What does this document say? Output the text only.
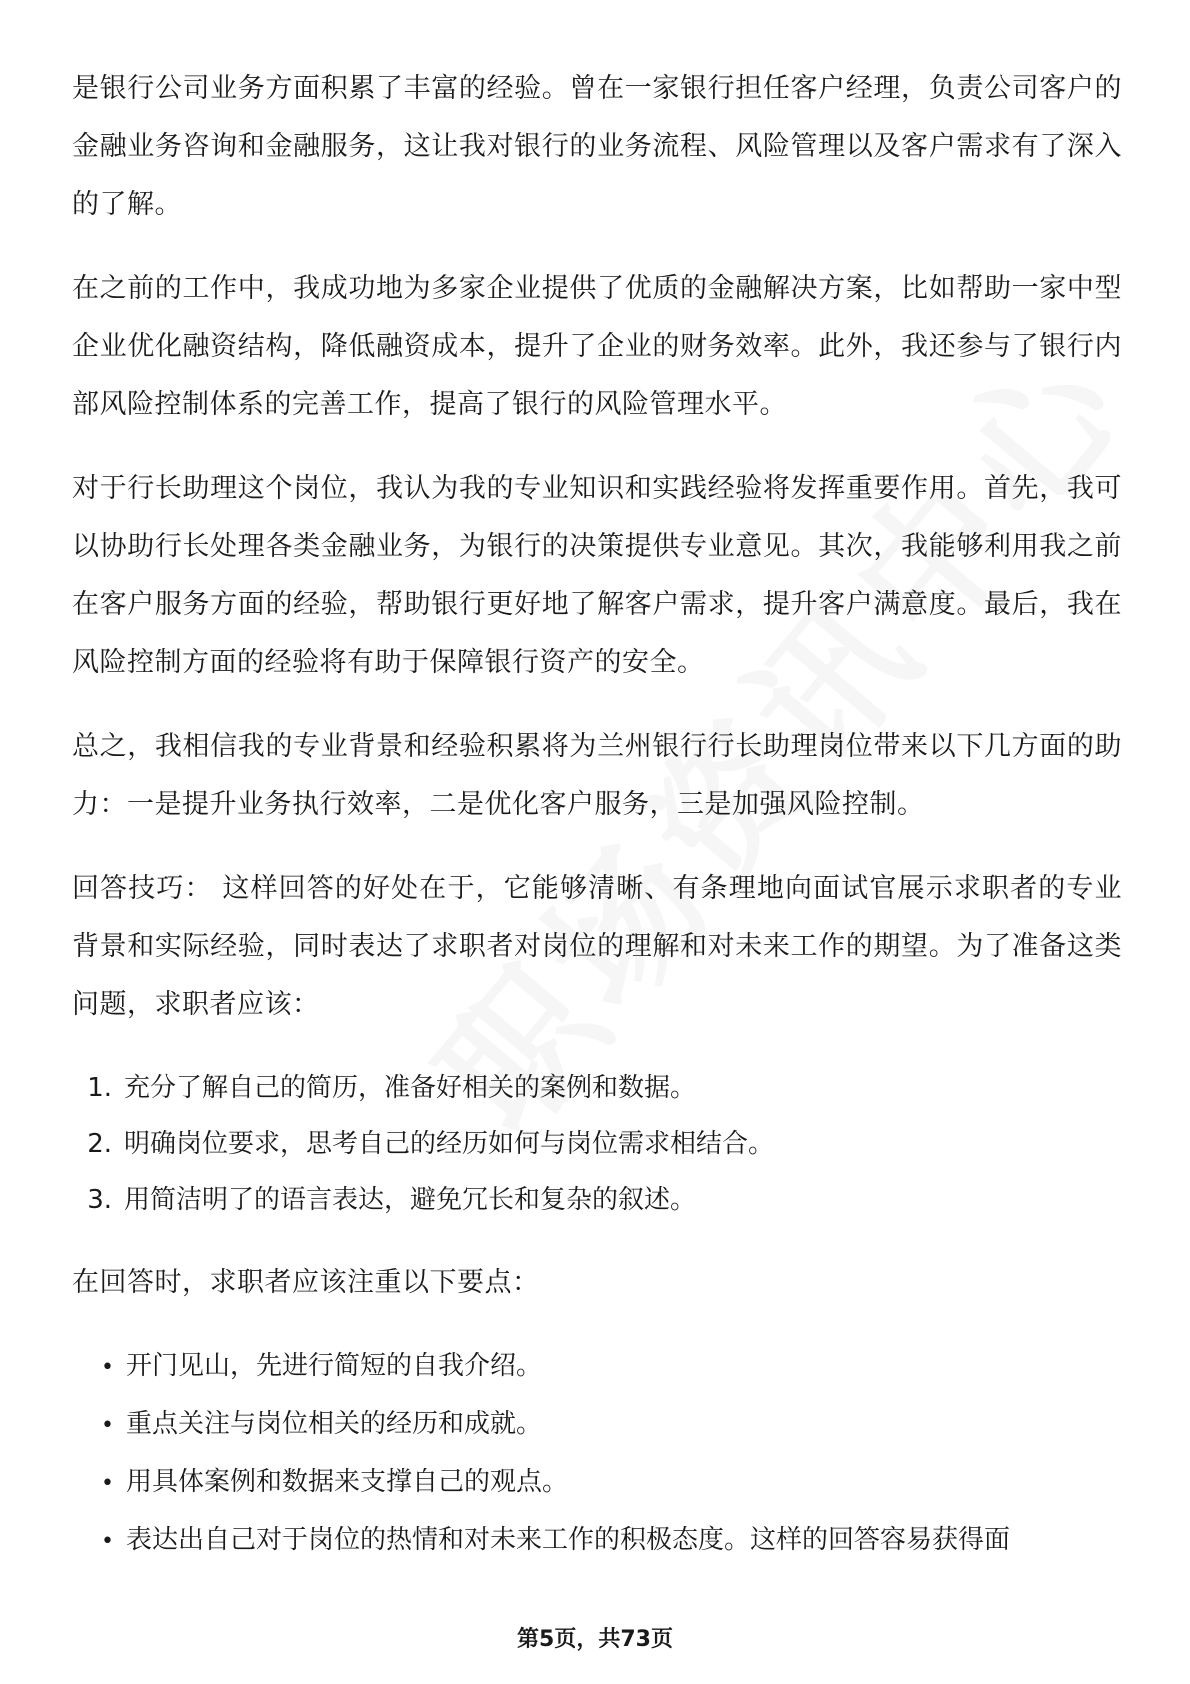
是银行公司业务方面积累了丰富的经验。曾在一家银行担任客户经理，负责公司客户的金融业务咨询和金融服务，这让我对银行的业务流程、风险管理以及客户需求有了深入的了解。

在之前的工作中，我成功地为多家企业提供了优质的金融解决方案，比如帮助一家中型企业优化融资结构，降低融资成本，提升了企业的财务效率。此外，我还参与了银行内部风险控制体系的完善工作，提高了银行的风险管理水平。

对于行长助理这个岗位，我认为我的专业知识和实践经验将发挥重要作用。首先，我可以协助行长处理各类金融业务，为银行的决策提供专业意见。其次，我能够利用我之前在客户服务方面的经验，帮助银行更好地了解客户需求，提升客户满意度。最后，我在风险控制方面的经验将有助于保障银行资产的安全。

总之，我相信我的专业背景和经验积累将为兰州银行行长助理岗位带来以下几方面的助力：一是提升业务执行效率，二是优化客户服务，三是加强风险控制。

回答技巧： 这样回答的好处在于，它能够清晰、有条理地向面试官展示求职者的专业背景和实际经验，同时表达了求职者对岗位的理解和对未来工作的期望。为了准备这类问题，求职者应该：

1. 充分了解自己的简历，准备好相关的案例和数据。
2. 明确岗位要求，思考自己的经历如何与岗位需求相结合。
3. 用简洁明了的语言表达，避免冗长和复杂的叙述。

在回答时，求职者应该注重以下要点：

• 开门见山，先进行简短的自我介绍。
• 重点关注与岗位相关的经历和成就。
• 用具体案例和数据来支撑自己的观点。
• 表达出自己对于岗位的热情和对未来工作的积极态度。这样的回答容易获得面
第5页，共73页
